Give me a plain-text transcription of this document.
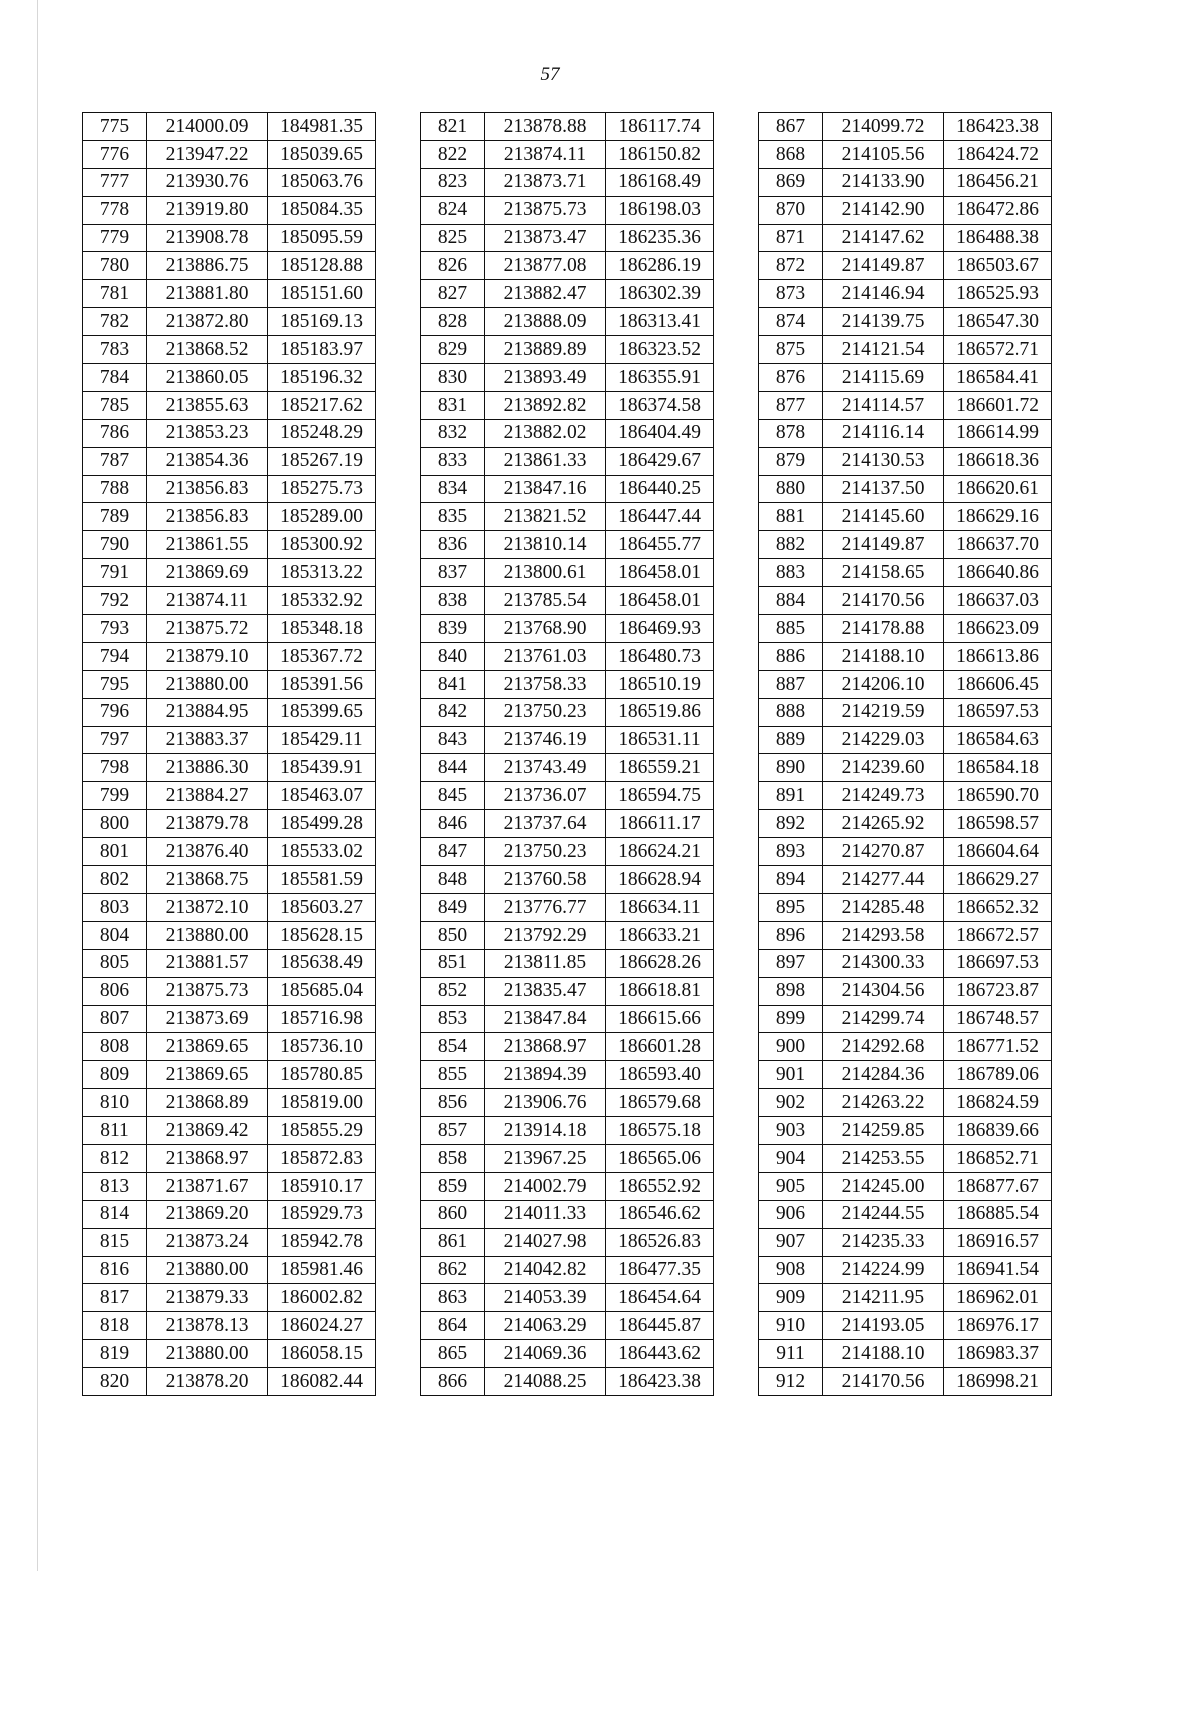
57
775	214000.09	184981.35
776	213947.22	185039.65
777	213930.76	185063.76
778	213919.80	185084.35
779	213908.78	185095.59
780	213886.75	185128.88
781	213881.80	185151.60
782	213872.80	185169.13
783	213868.52	185183.97
784	213860.05	185196.32
785	213855.63	185217.62
786	213853.23	185248.29
787	213854.36	185267.19
788	213856.83	185275.73
789	213856.83	185289.00
790	213861.55	185300.92
791	213869.69	185313.22
792	213874.11	185332.92
793	213875.72	185348.18
794	213879.10	185367.72
795	213880.00	185391.56
796	213884.95	185399.65
797	213883.37	185429.11
798	213886.30	185439.91
799	213884.27	185463.07
800	213879.78	185499.28
801	213876.40	185533.02
802	213868.75	185581.59
803	213872.10	185603.27
804	213880.00	185628.15
805	213881.57	185638.49
806	213875.73	185685.04
807	213873.69	185716.98
808	213869.65	185736.10
809	213869.65	185780.85
810	213868.89	185819.00
811	213869.42	185855.29
812	213868.97	185872.83
813	213871.67	185910.17
814	213869.20	185929.73
815	213873.24	185942.78
816	213880.00	185981.46
817	213879.33	186002.82
818	213878.13	186024.27
819	213880.00	186058.15
820	213878.20	186082.44
821	213878.88	186117.74
822	213874.11	186150.82
823	213873.71	186168.49
824	213875.73	186198.03
825	213873.47	186235.36
826	213877.08	186286.19
827	213882.47	186302.39
828	213888.09	186313.41
829	213889.89	186323.52
830	213893.49	186355.91
831	213892.82	186374.58
832	213882.02	186404.49
833	213861.33	186429.67
834	213847.16	186440.25
835	213821.52	186447.44
836	213810.14	186455.77
837	213800.61	186458.01
838	213785.54	186458.01
839	213768.90	186469.93
840	213761.03	186480.73
841	213758.33	186510.19
842	213750.23	186519.86
843	213746.19	186531.11
844	213743.49	186559.21
845	213736.07	186594.75
846	213737.64	186611.17
847	213750.23	186624.21
848	213760.58	186628.94
849	213776.77	186634.11
850	213792.29	186633.21
851	213811.85	186628.26
852	213835.47	186618.81
853	213847.84	186615.66
854	213868.97	186601.28
855	213894.39	186593.40
856	213906.76	186579.68
857	213914.18	186575.18
858	213967.25	186565.06
859	214002.79	186552.92
860	214011.33	186546.62
861	214027.98	186526.83
862	214042.82	186477.35
863	214053.39	186454.64
864	214063.29	186445.87
865	214069.36	186443.62
866	214088.25	186423.38
867	214099.72	186423.38
868	214105.56	186424.72
869	214133.90	186456.21
870	214142.90	186472.86
871	214147.62	186488.38
872	214149.87	186503.67
873	214146.94	186525.93
874	214139.75	186547.30
875	214121.54	186572.71
876	214115.69	186584.41
877	214114.57	186601.72
878	214116.14	186614.99
879	214130.53	186618.36
880	214137.50	186620.61
881	214145.60	186629.16
882	214149.87	186637.70
883	214158.65	186640.86
884	214170.56	186637.03
885	214178.88	186623.09
886	214188.10	186613.86
887	214206.10	186606.45
888	214219.59	186597.53
889	214229.03	186584.63
890	214239.60	186584.18
891	214249.73	186590.70
892	214265.92	186598.57
893	214270.87	186604.64
894	214277.44	186629.27
895	214285.48	186652.32
896	214293.58	186672.57
897	214300.33	186697.53
898	214304.56	186723.87
899	214299.74	186748.57
900	214292.68	186771.52
901	214284.36	186789.06
902	214263.22	186824.59
903	214259.85	186839.66
904	214253.55	186852.71
905	214245.00	186877.67
906	214244.55	186885.54
907	214235.33	186916.57
908	214224.99	186941.54
909	214211.95	186962.01
910	214193.05	186976.17
911	214188.10	186983.37
912	214170.56	186998.21
